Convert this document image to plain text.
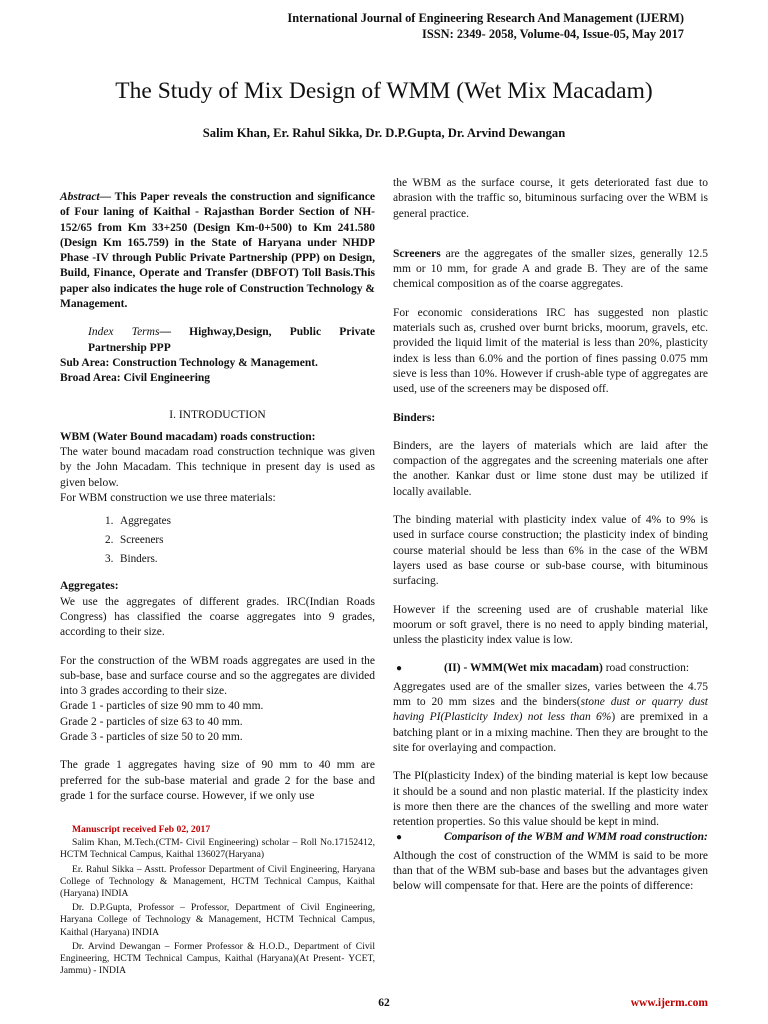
International Journal of Engineering Research And Management (IJERM)
ISSN: 2349- 2058, Volume-04, Issue-05, May 2017
The Study of Mix Design of WMM (Wet Mix Macadam)
Salim Khan, Er. Rahul Sikka, Dr. D.P.Gupta, Dr. Arvind Dewangan

Abstract— This Paper reveals the construction and significance of Four laning of Kaithal - Rajasthan Border Section of NH-152/65 from Km 33+250 (Design Km-0+500) to Km 241.580 (Design Km 165.759) in the State of Haryana under NHDP Phase -IV through Public Private Partnership (PPP) on Design, Build, Finance, Operate and Transfer (DBFOT) Toll Basis.This paper also indicates the huge role of Construction Technology & Management.

Index Terms— Highway,Design, Public Private Partnership PPP
Sub Area: Construction Technology & Management.
Broad Area: Civil Engineering
I. INTRODUCTION
WBM (Water Bound macadam) roads construction:
The water bound macadam road construction technique was given by the John Macadam. This technique in present day is used as given below.
For WBM construction we use three materials:
1. Aggregates
2. Screeners
3. Binders.
Aggregates:

We use the aggregates of different grades. IRC(Indian Roads Congress) has classified the coarse aggregates into 9 grades, according to their size.

For the construction of the WBM roads aggregates are used in the sub-base, base and surface course and so the aggregates are divided into 3 grades according to their size.
Grade 1 - particles of size 90 mm to 40 mm.
Grade 2 - particles of size 63 to 40 mm.

Grade 3 - particles of size 50 to 20 mm.

The grade 1 aggregates having size of 90 mm to 40 mm are preferred for the sub-base material and grade 2 for the base and grade 1 for the surface course. However, if we only use
Manuscript received Feb 02, 2017
Salim Khan, M.Tech.(CTM- Civil Engineering) scholar – Roll No.17152412, HCTM Technical Campus, Kaithal 136027(Haryana)
Er. Rahul Sikka – Asstt. Professor Department of Civil Engineering, Haryana College of Technology & Management, HCTM Technical Campus, Kaithal (Haryana) INDIA
Dr. D.P.Gupta, Professor – Professor, Department of Civil Engineering, Haryana College of Technology & Management, HCTM Technical Campus, Kaithal (Haryana) INDIA
Dr. Arvind Dewangan – Former Professor & H.O.D., Department of Civil Engineering, HCTM Technical Campus, Kaithal (Haryana)(At Present- YCET, Jammu) - INDIA

the WBM as the surface course, it gets deteriorated fast due to abrasion with the traffic so, bituminous surfacing over the WBM is general practice.

Screeners are the aggregates of the smaller sizes, generally 12.5 mm or 10 mm, for grade A and grade B. They are of the same chemical composition as of the coarse aggregates.

For economic considerations IRC has suggested non plastic materials such as, crushed over burnt bricks, moorum, gravels, etc. provided the liquid limit of the material is less than 20%, plasticity index is less than 6.0% and the portion of fines passing 0.075 mm sieve is less than 10%. However if crush-able type of aggregates are used, use of the screeners may be disposed off.

Binders:

Binders, are the layers of materials which are laid after the compaction of the aggregates and the screening materials one after the another. Kankar dust or lime stone dust may be utilized if locally available.

The binding material with plasticity index value of 4% to 9% is used in surface course construction; the plasticity index of binding course material should be less than 6% in the case of the WBM layers used as base course or sub-base course, with bituminous surfacing.

However if the screening used are of crushable material like moorum or soft gravel, there is no need to apply binding material, unless the plasticity index value is low.

●	(II) - WMM(Wet mix macadam) road construction:

Aggregates used are of the smaller sizes, varies between the 4.75 mm to 20 mm sizes and the binders(stone dust or quarry dust having PI(Plasticity Index) not less than 6%) are premixed in a batching plant or in a mixing machine. Then they are brought to the site for overlaying and compaction.

The PI(plasticity Index) of the binding material is kept low because it should be a sound and non plastic material. If the plasticity index is more then there are the chances of the swelling and more water retention properties. So this value should be kept in mind.
●	Comparison of the WBM and WMM road construction:
Although the cost of construction of the WMM is said to be more than that of the WBM sub-base and bases but the advantages given below will compensate for that. Here are the points of difference:
62	www.ijerm.com
